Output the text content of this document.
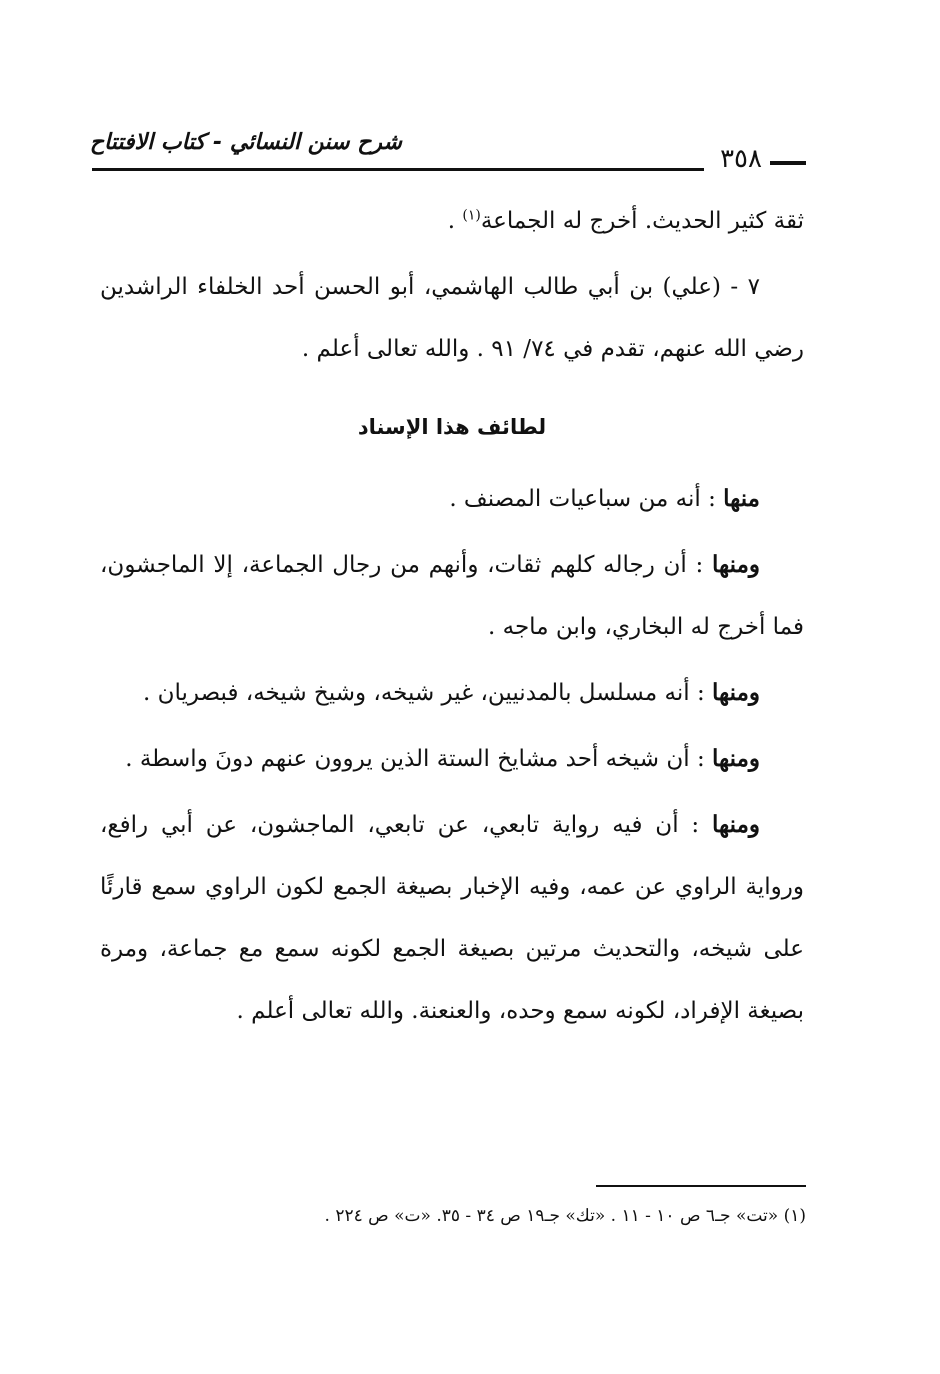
شرح سنن النسائي - كتاب الافتتاح
٣٥٨

ثقة كثير الحديث. أخرج له الجماعة$^{(١)}$ .

٧ - (علي) بن أبي طالب الهاشمي، أبو الحسن أحد الخلفاء الراشدين رضي الله عنهم، تقدم في ٧٤/ ٩١ . والله تعالى أعلم .

لطائف هذا الإسناد

منها : أنه من سباعيات المصنف .

ومنها : أن رجاله كلهم ثقات، وأنهم من رجال الجماعة، إلا الماجشون، فما أخرج له البخاري، وابن ماجه .

ومنها : أنه مسلسل بالمدنيين، غير شيخه، وشيخ شيخه، فبصريان .

ومنها : أن شيخه أحد مشايخ الستة الذين يروون عنهم دونَ واسطة .

ومنها : أن فيه رواية تابعي، عن تابعي، الماجشون، عن أبي رافع، ورواية الراوي عن عمه، وفيه الإخبار بصيغة الجمع لكون الراوي سمع قارئًا على شيخه، والتحديث مرتين بصيغة الجمع لكونه سمع مع جماعة، ومرة بصيغة الإفراد، لكونه سمع وحده، والعنعنة. والله تعالى أعلم .

(١) «تت» جـ٦ ص ١٠ - ١١ . «تك» جـ١٩ ص ٣٤ - ٣٥. «ت» ص ٢٢٤ .
